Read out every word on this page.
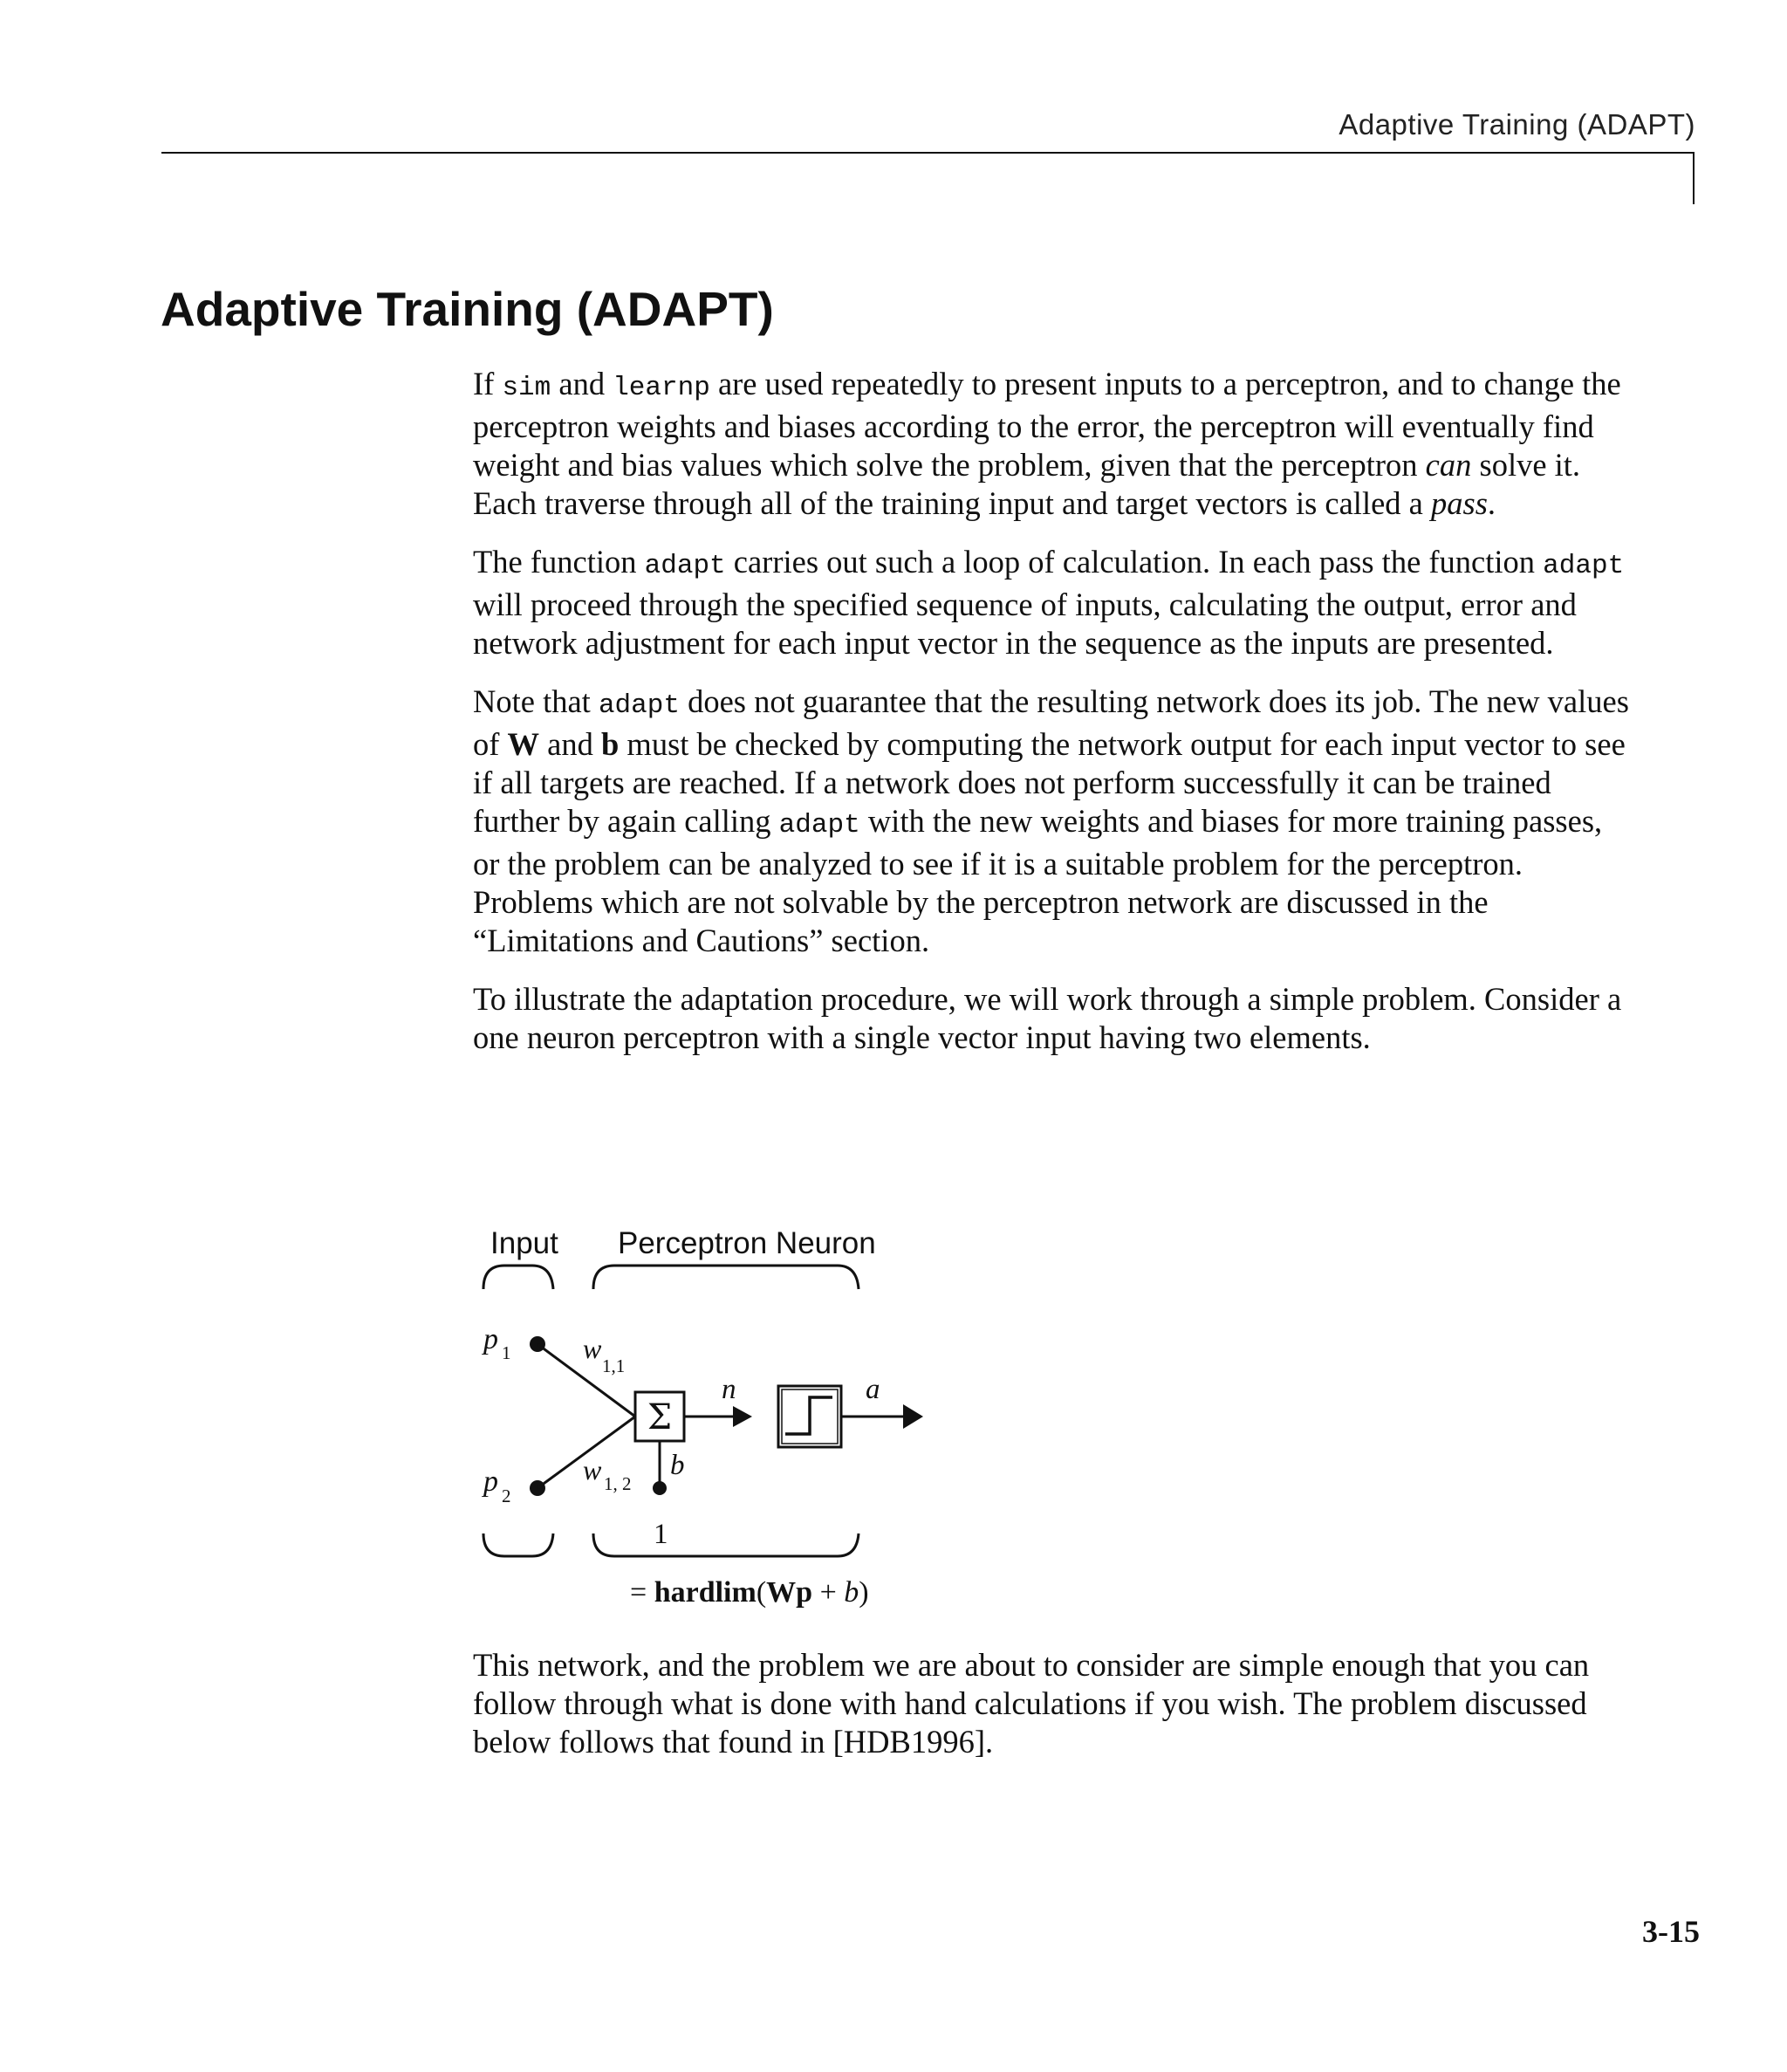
Adaptive Training (ADAPT)
Adaptive Training (ADAPT)

If sim and learnp are used repeatedly to present inputs to a perceptron, and to change the perceptron weights and biases according to the error, the perceptron will eventually find weight and bias values which solve the problem, given that the perceptron can solve it. Each traverse through all of the training input and target vectors is called a pass.

The function adapt carries out such a loop of calculation. In each pass the function adapt will proceed through the specified sequence of inputs, calculating the output, error and network adjustment for each input vector in the sequence as the inputs are presented.

Note that adapt does not guarantee that the resulting network does its job. The new values of W and b must be checked by computing the network output for each input vector to see if all targets are reached. If a network does not perform successfully it can be trained further by again calling adapt with the new weights and biases for more training passes, or the problem can be analyzed to see if it is a suitable problem for the perceptron. Problems which are not solvable by the perceptron network are discussed in the “Limitations and Cautions” section.

To illustrate the adaptation procedure, we will work through a simple problem. Consider a one neuron perceptron with a single vector input having two elements.

Input Perceptron Neuron
Σ
p
p
w
w
n	a
b
1
2
1,1
1, 2
1
= hardlim(Wp + b)

This network, and the problem we are about to consider are simple enough that you can follow through what is done with hand calculations if you wish. The problem discussed below follows that found in [HDB1996].

3-15
